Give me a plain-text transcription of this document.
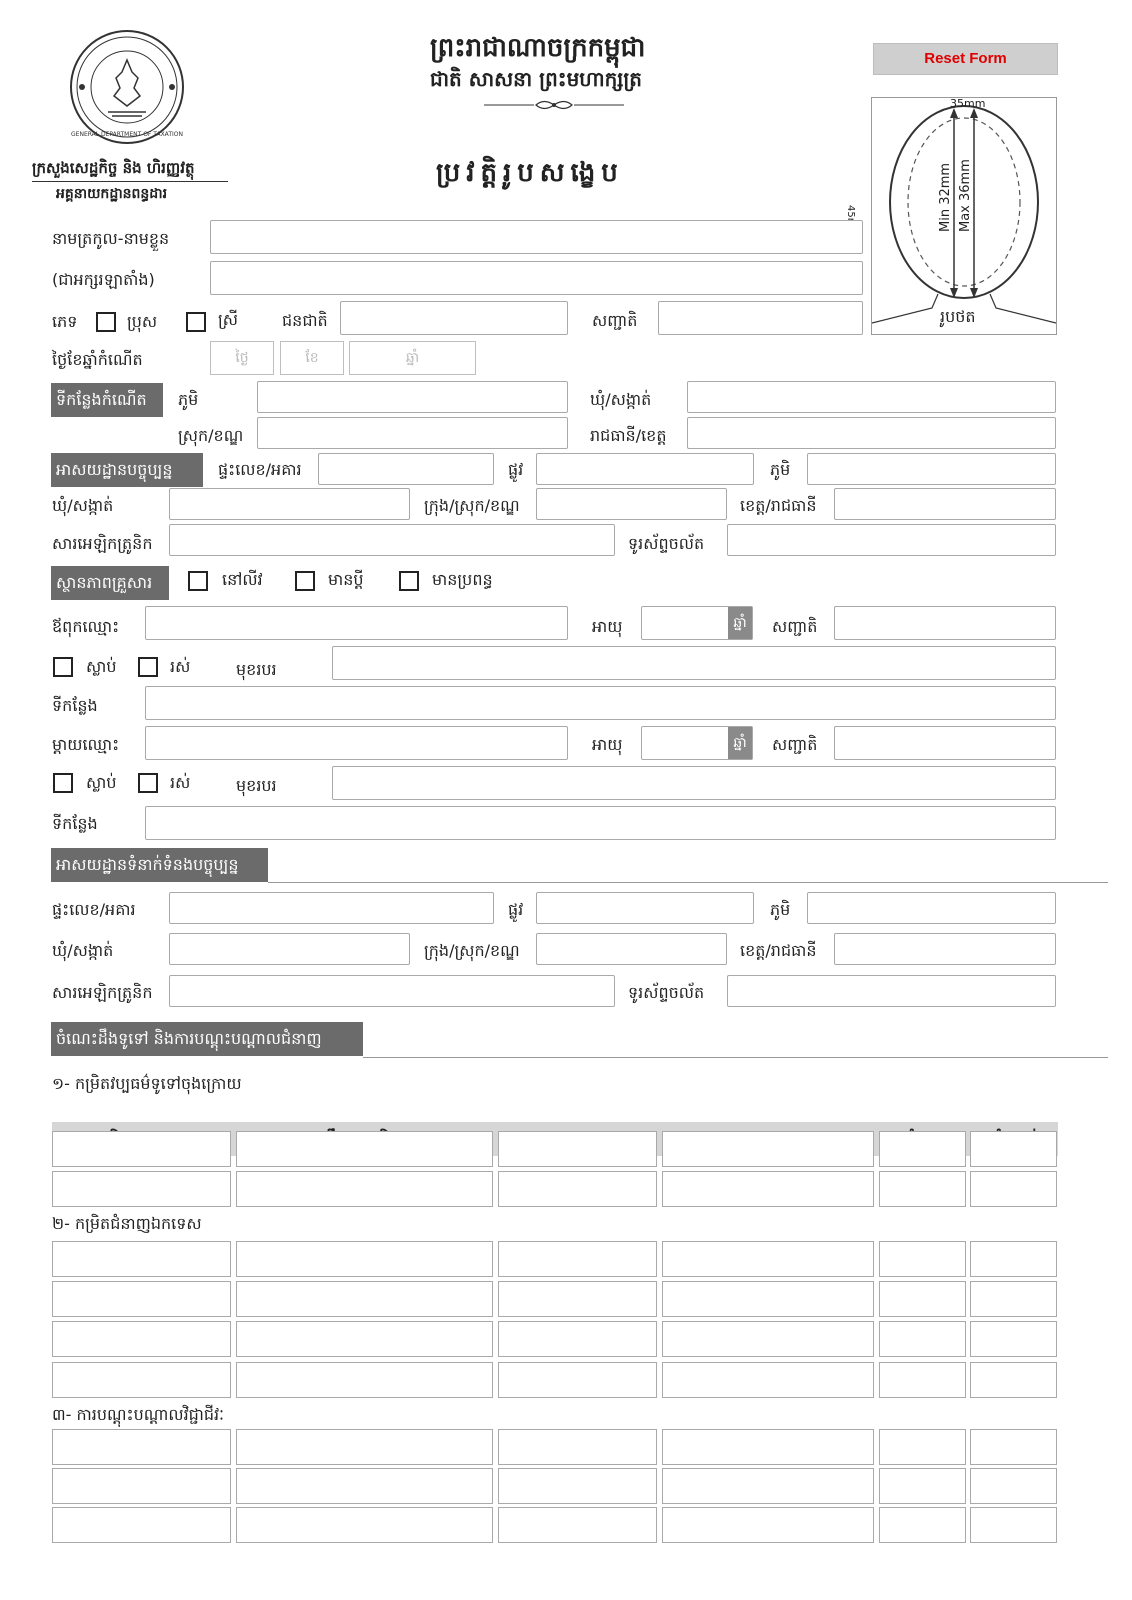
GENERAL DEPARTMENT OF TAXATION
ក្រសួងសេដ្ឋកិច្ច និង ហិរញ្ញវត្ថុ
អគ្គនាយកដ្ឋានពន្ធដារ
ព្រះរាជាណាចក្រកម្ពុជា
ជាតិ សាសនា ព្រះមហាក្សត្រ
ប្រវត្តិរូបសង្ខេប
Reset Form
35mm
Min 32mm Max 36mm
រូបថត
នាមត្រកូល-នាមខ្លួន
(ជាអក្សរឡាតាំង)
ភេទ	ប្រុស	ស្រី	ជនជាតិ	សញ្ជាតិ
ថ្ងៃខែឆ្នាំកំណើត	ថ្ងៃ	ខែ	ឆ្នាំ
ទីកន្លែងកំណើត	ភូមិ	ឃុំ/សង្កាត់
ស្រុក/ខណ្ឌ	រាជធានី/ខេត្ត
អាសយដ្ឋានបច្ចុប្បន្ន	ផ្ទះលេខ/អគារ	ផ្លូវ	ភូមិ
ឃុំ/សង្កាត់	ក្រុង/ស្រុក/ខណ្ឌ	ខេត្ត/រាជធានី
សារអេឡិកត្រូនិក	ទូរស័ព្ទចល័ត
ស្ថានភាពគ្រួសារ	នៅលីវ	មានប្តី	មានប្រពន្ធ
ឪពុកឈ្មោះ	អាយុ	ឆ្នាំ	សញ្ជាតិ
ស្លាប់	រស់	មុខរបរ
ទីកន្លែង
ម្តាយឈ្មោះ	អាយុ	ឆ្នាំ	សញ្ជាតិ
ស្លាប់	រស់	មុខរបរ
ទីកន្លែង
អាសយដ្ឋានទំនាក់ទំនងបច្ចុប្បន្ន
ផ្ទះលេខ/អគារ	ផ្លូវ	ភូមិ
ឃុំ/សង្កាត់	ក្រុង/ស្រុក/ខណ្ឌ	ខេត្ត/រាជធានី
សារអេឡិកត្រូនិក	ទូរស័ព្ទចល័ត
ចំណេះដឹងទូទៅ និងការបណ្តុះបណ្តាលជំនាញ
១- កម្រិតវប្បធម៌ទូទៅចុងក្រោយ
២- កម្រិតជំនាញឯកទេស
៣- ការបណ្តុះបណ្តាលវិជ្ជាជីវៈ
